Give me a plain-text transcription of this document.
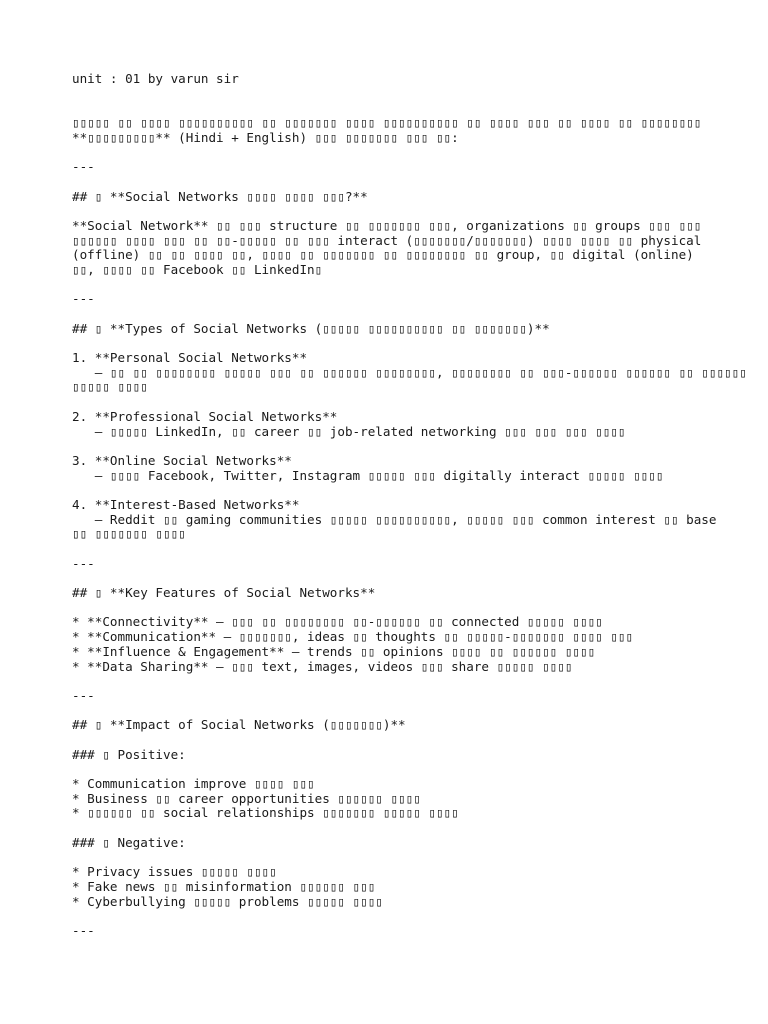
unit : 01 by varun sir
▯▯▯▯▯ ▯▯ ▯▯▯▯ ▯▯▯▯▯▯▯▯▯▯ ▯▯ ▯▯▯▯▯▯▯ ▯▯▯▯ ▯▯▯▯▯▯▯▯▯▯ ▯▯ ▯▯▯▯ ▯▯▯ ▯▯ ▯▯▯▯ ▯▯ ▯▯▯▯▯▯▯▯
**▯▯▯▯▯▯▯▯▯** (Hindi + English) ▯▯▯ ▯▯▯▯▯▯▯ ▯▯▯ ▯▯:
---
## ▯ **Social Networks ▯▯▯▯ ▯▯▯▯ ▯▯▯?**
**Social Network** ▯▯ ▯▯▯ structure ▯▯ ▯▯▯▯▯▯▯ ▯▯▯, organizations ▯▯ groups ▯▯▯ ▯▯▯
▯▯▯▯▯▯ ▯▯▯▯ ▯▯▯ ▯▯ ▯▯-▯▯▯▯▯ ▯▯ ▯▯▯ interact (▯▯▯▯▯▯▯/▯▯▯▯▯▯▯) ▯▯▯▯ ▯▯▯▯ ▯▯ physical
(offline) ▯▯ ▯▯ ▯▯▯▯ ▯▯, ▯▯▯▯ ▯▯ ▯▯▯▯▯▯▯ ▯▯ ▯▯▯▯▯▯▯▯ ▯▯ group, ▯▯ digital (online)
▯▯, ▯▯▯▯ ▯▯ Facebook ▯▯ LinkedIn▯
---
## ▯ **Types of Social Networks (▯▯▯▯▯ ▯▯▯▯▯▯▯▯▯▯ ▯▯ ▯▯▯▯▯▯▯)**
1. **Personal Social Networks**
– ▯▯ ▯▯ ▯▯▯▯▯▯▯▯ ▯▯▯▯▯ ▯▯▯ ▯▯ ▯▯▯▯▯▯ ▯▯▯▯▯▯▯▯, ▯▯▯▯▯▯▯▯ ▯▯ ▯▯▯-▯▯▯▯▯▯ ▯▯▯▯▯▯ ▯▯ ▯▯▯▯▯▯
▯▯▯▯▯ ▯▯▯▯
2. **Professional Social Networks**
– ▯▯▯▯▯ LinkedIn, ▯▯ career ▯▯ job-related networking ▯▯▯ ▯▯▯ ▯▯▯ ▯▯▯▯
3. **Online Social Networks**
– ▯▯▯▯ Facebook, Twitter, Instagram ▯▯▯▯▯ ▯▯▯ digitally interact ▯▯▯▯▯ ▯▯▯▯
4. **Interest-Based Networks**
– Reddit ▯▯ gaming communities ▯▯▯▯▯ ▯▯▯▯▯▯▯▯▯▯, ▯▯▯▯▯ ▯▯▯ common interest ▯▯ base
▯▯ ▯▯▯▯▯▯▯ ▯▯▯▯
---
## ▯ **Key Features of Social Networks**
* **Connectivity** – ▯▯▯ ▯▯ ▯▯▯▯▯▯▯▯ ▯▯-▯▯▯▯▯▯ ▯▯ connected ▯▯▯▯▯ ▯▯▯▯
* **Communication** – ▯▯▯▯▯▯▯, ideas ▯▯ thoughts ▯▯ ▯▯▯▯▯-▯▯▯▯▯▯▯ ▯▯▯▯ ▯▯▯
* **Influence & Engagement** – trends ▯▯ opinions ▯▯▯▯ ▯▯ ▯▯▯▯▯▯ ▯▯▯▯
* **Data Sharing** – ▯▯▯ text, images, videos ▯▯▯ share ▯▯▯▯▯ ▯▯▯▯
---
## ▯ **Impact of Social Networks (▯▯▯▯▯▯▯)**
### ▯ Positive:
* Communication improve ▯▯▯▯ ▯▯▯
* Business ▯▯ career opportunities ▯▯▯▯▯▯ ▯▯▯▯
* ▯▯▯▯▯▯ ▯▯ social relationships ▯▯▯▯▯▯▯ ▯▯▯▯▯ ▯▯▯▯
### ▯ Negative:
* Privacy issues ▯▯▯▯▯ ▯▯▯▯
* Fake news ▯▯ misinformation ▯▯▯▯▯▯ ▯▯▯
* Cyberbullying ▯▯▯▯▯ problems ▯▯▯▯▯ ▯▯▯▯
---
